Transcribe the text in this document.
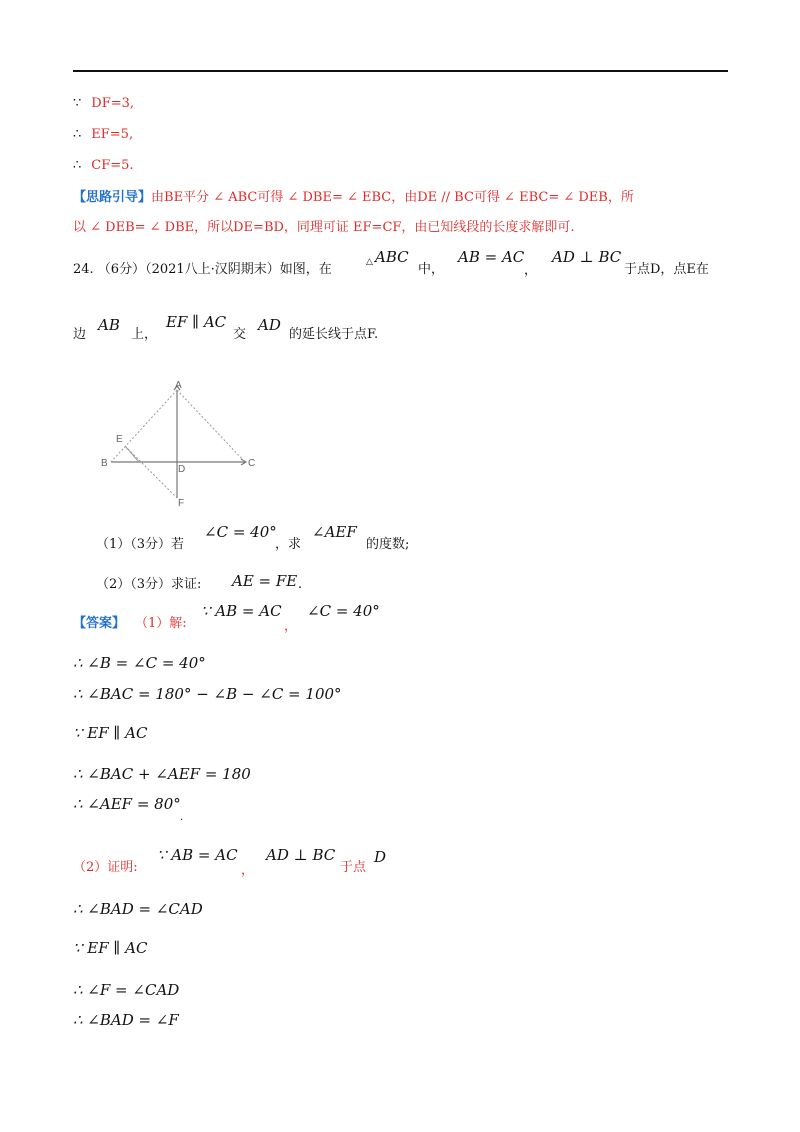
∵ DF=3,
∴ EF=5,
∴ CF=5.
【思路引导】由BE平分 ∠ ABC可得 ∠ DBE= ∠ EBC，由DE // BC可得 ∠ EBC= ∠ DEB，所
以 ∠ DEB= ∠ DBE，所以DE=BD，同理可证 EF=CF，由已知线段的长度求解即可.
24. （6分）（2021八上·汉阴期末）如图，在	△ ABC
中，
AB = AC
，
AD ⊥ BC
于点D，点E在
边
AB
上，
EF ∥ AC
交
AD
的延长线于点F.
A
B	C
D
E
F
（1）（3分）若
∠C = 40°
，求
∠AEF
的度数;
（2）（3分）求证: AE = FE .
【答案】 （1）解:
∵ AB = AC
，
∠C = 40°
∴ ∠B = ∠C = 40°
∴ ∠BAC = 180° − ∠B − ∠C = 100°
∵ EF ∥ AC
∴ ∠BAC + ∠AEF = 180
∴ ∠AEF = 80°
.
（2）证明:
∵ AB = AC
，
AD ⊥ BC
于点
D
∴ ∠BAD = ∠CAD
∵ EF ∥ AC
∴ ∠F = ∠CAD
∴ ∠BAD = ∠F
